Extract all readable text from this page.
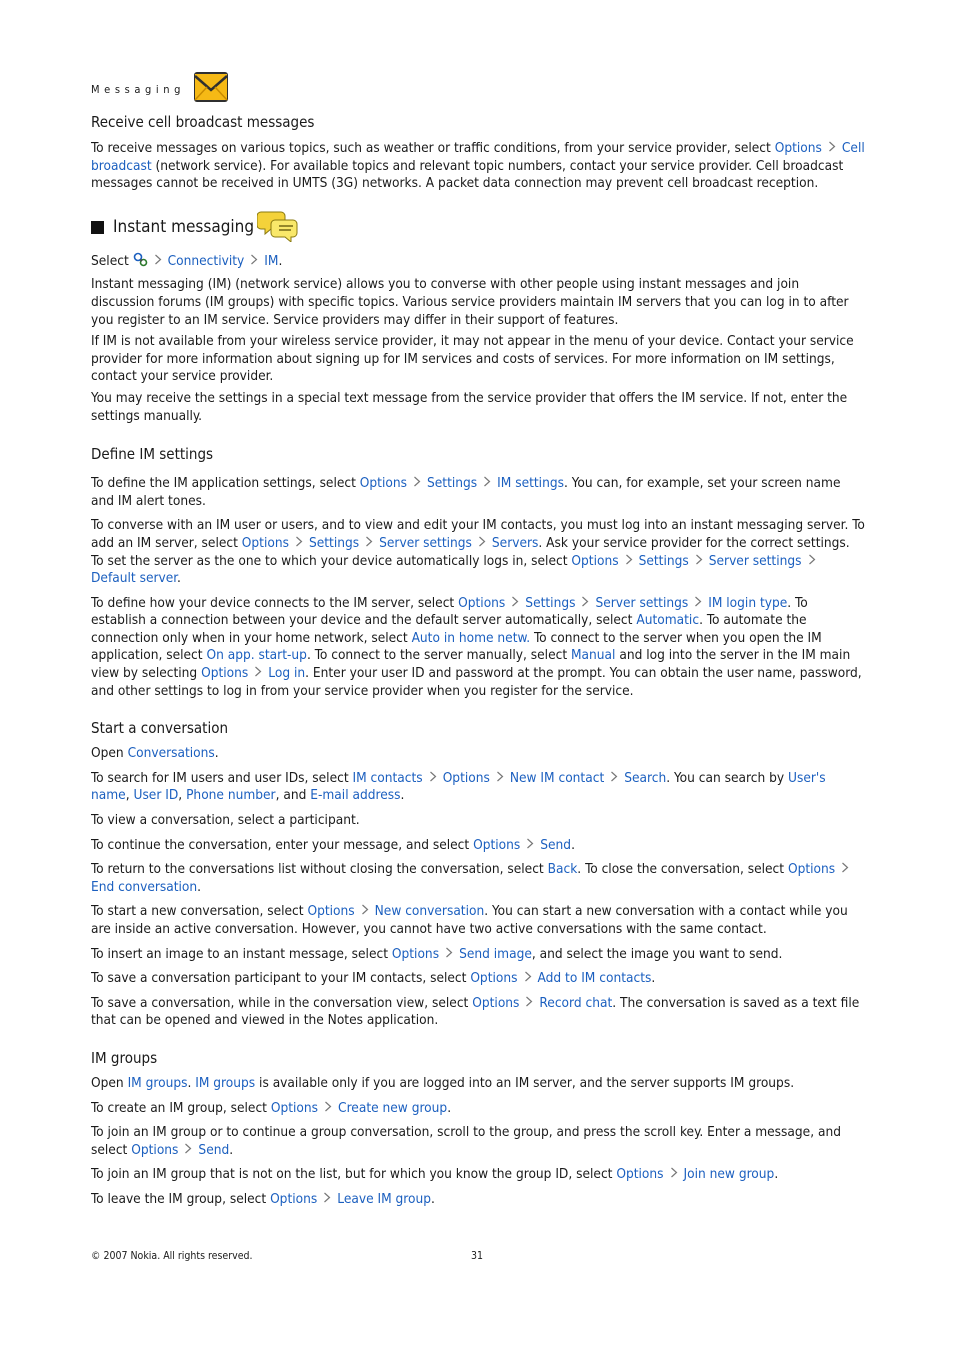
Messaging
Receive cell broadcast messages

To receive messages on various topics, such as weather or traffic conditions, from your service provider, select Options Cell broadcast (network service). For available topics and relevant topic numbers, contact your service provider. Cell broadcast messages cannot be received in UMTS (3G) networks. A packet data connection may prevent cell broadcast reception.

Instant messaging

Select	Connectivity IM.

Instant messaging (IM) (network service) allows you to converse with other people using instant messages and join discussion forums (IM groups) with specific topics. Various service providers maintain IM servers that you can log in to after you register to an IM service. Service providers may differ in their support of features.

If IM is not available from your wireless service provider, it may not appear in the menu of your device. Contact your service provider for more information about signing up for IM services and costs of services. For more information on IM settings, contact your service provider.

You may receive the settings in a special text message from the service provider that offers the IM service. If not, enter the settings manually.

Define IM settings

To define the IM application settings, select Options Settings IM settings. You can, for example, set your screen name and IM alert tones.

To converse with an IM user or users, and to view and edit your IM contacts, you must log into an instant messaging server. To add an IM server, select Options Settings Server settings Servers. Ask your service provider for the correct settings. To set the server as the one to which your device automatically logs in, select Options Settings Server settingsDefault server.

To define how your device connects to the IM server, select Options Settings Server settings IM login type. To establish a connection between your device and the default server automatically, select Automatic. To automate the connection only when in your home network, select Auto in home netw. To connect to the server when you open the IM application, select On app. start-up. To connect to the server manually, select Manual and log into the server in the IM main view by selecting Options Log in. Enter your user ID and password at the prompt. You can obtain the user name, password, and other settings to log in from your service provider when you register for the service.

Start a conversation

Open Conversations.

To search for IM users and user IDs, select IM contacts Options New IM contact Search. You can search by User's name, User ID, Phone number, and E-mail address.

To view a conversation, select a participant.

To continue the conversation, enter your message, and select Options Send.

To return to the conversations list without closing the conversation, select Back. To close the conversation, select OptionsEnd conversation.

To start a new conversation, select Options New conversation. You can start a new conversation with a contact while you are inside an active conversation. However, you cannot have two active conversations with the same contact.

To insert an image to an instant message, select Options Send image, and select the image you want to send.

To save a conversation participant to your IM contacts, select Options Add to IM contacts.

To save a conversation, while in the conversation view, select Options Record chat. The conversation is saved as a text file that can be opened and viewed in the Notes application.

IM groups

Open IM groups. IM groups is available only if you are logged into an IM server, and the server supports IM groups.

To create an IM group, select Options Create new group.

To join an IM group or to continue a group conversation, scroll to the group, and press the scroll key. Enter a message, and select Options Send.

To join an IM group that is not on the list, but for which you know the group ID, select Options Join new group.

To leave the IM group, select Options Leave IM group.

© 2007 Nokia. All rights reserved.	31
